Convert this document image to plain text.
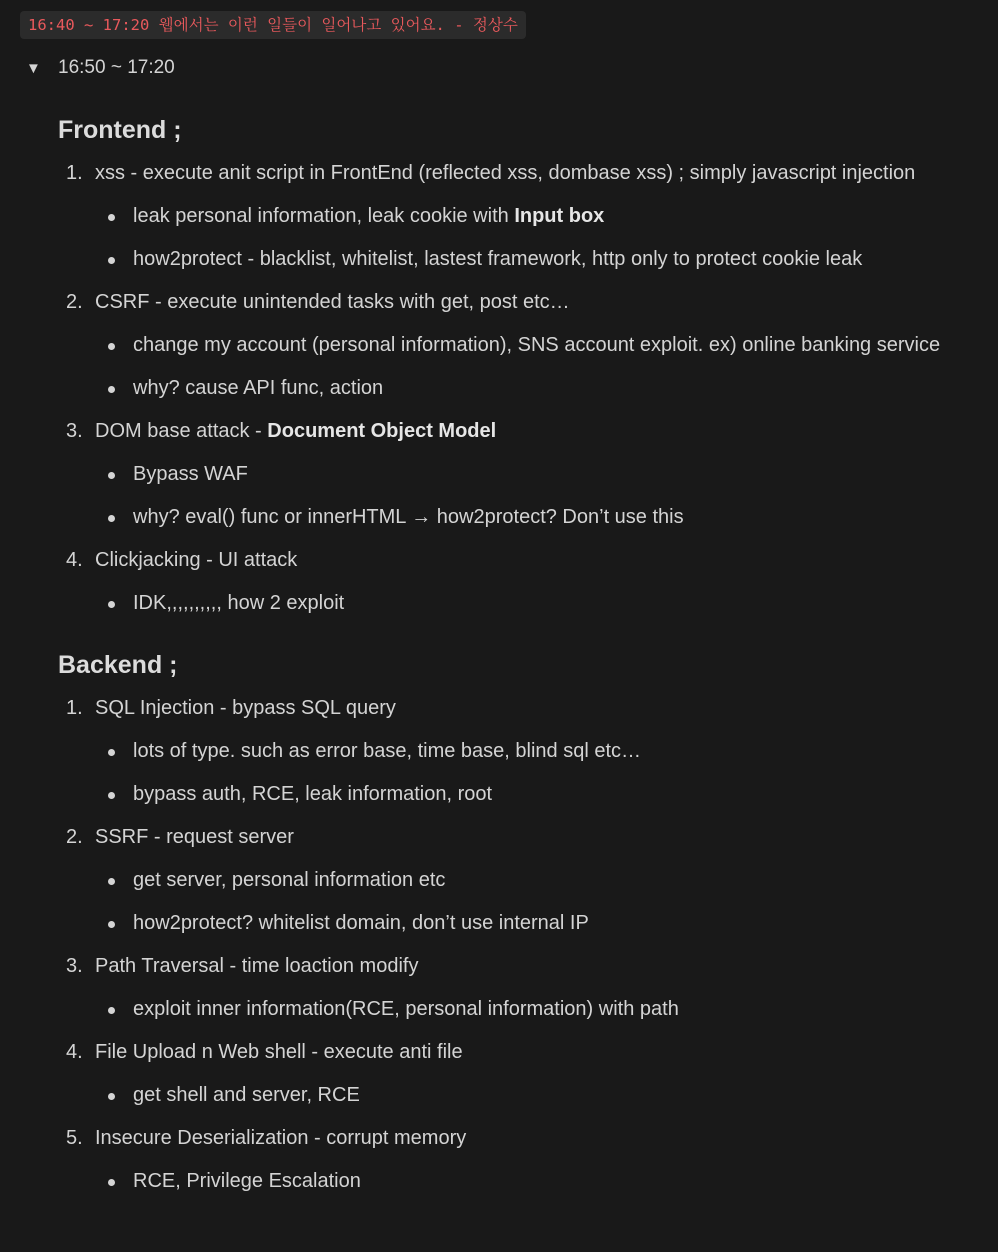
16:40 ~ 17:20 웹에서는 이런 일들이 일어나고 있어요. - 정상수
▼ 16:50 ~ 17:20
Frontend ;
1. xss - execute anit script in FrontEnd (reflected xss, dombase xss) ; simply javascript injection
leak personal information, leak cookie with Input box
how2protect - blacklist, whitelist, lastest framework, http only to protect cookie leak
2. CSRF - execute unintended tasks with get, post etc…
change my account (personal information), SNS account exploit. ex) online banking service
why? cause API func, action
3. DOM base attack - Document Object Model
Bypass WAF
why? eval() func or innerHTML → how2protect? Don’t use this
4. Clickjacking - UI attack
IDK,,,,,,,,,, how 2 exploit
Backend ;
1. SQL Injection - bypass SQL query
lots of type. such as error base, time base, blind sql etc…
bypass auth, RCE, leak information, root
2. SSRF - request server
get server, personal information etc
how2protect? whitelist domain, don’t use internal IP
3. Path Traversal - time loaction modify
exploit inner information(RCE, personal information) with path
4. File Upload n Web shell - execute anti file
get shell and server, RCE
5. Insecure Deserialization - corrupt memory
RCE, Privilege Escalation
